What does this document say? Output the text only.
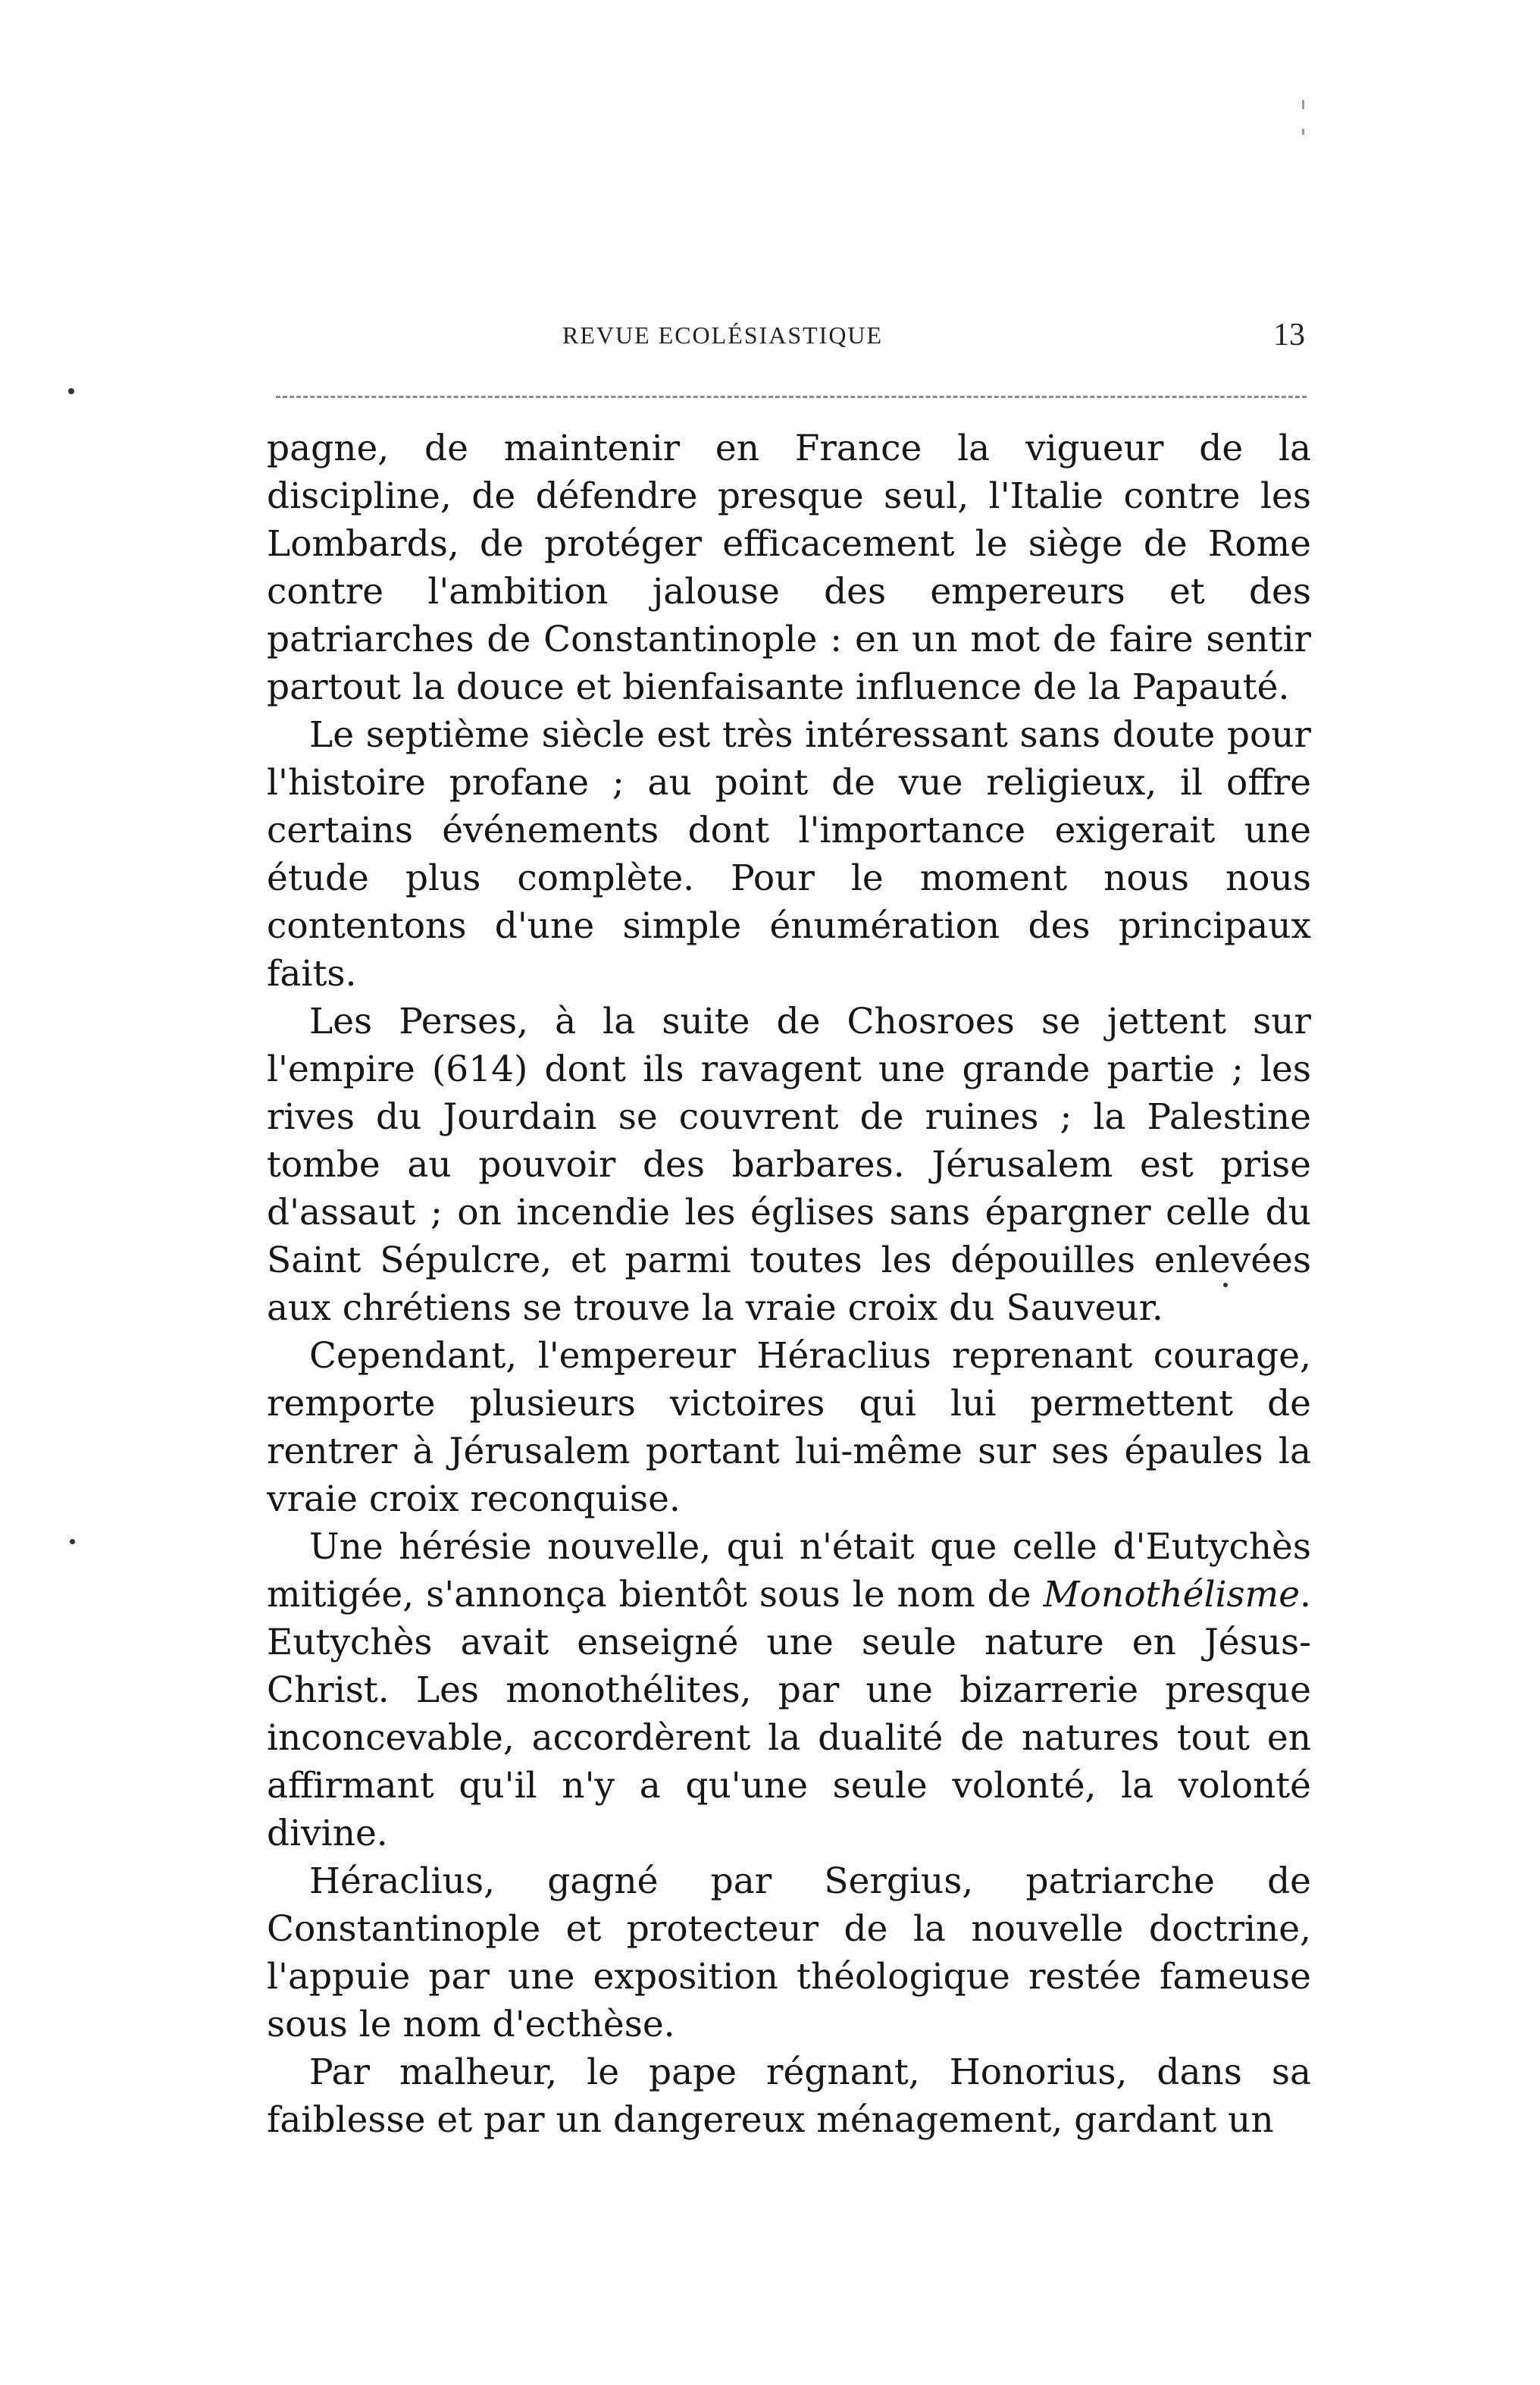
REVUE ECOLÉSIASTIQUE	13

pagne, de maintenir en France la vigueur de la discipline, de défendre presque seul, l'Italie contre les Lombards, de protéger efficacement le siège de Rome contre l'ambition jalouse des empereurs et des patriarches de Constantinople : en un mot de faire sentir partout la douce et bienfaisante influence de la Papauté.

Le septième siècle est très intéressant sans doute pour l'histoire profane ; au point de vue religieux, il offre certains événements dont l'importance exigerait une étude plus complète. Pour le moment nous nous contentons d'une simple énumération des principaux faits.

Les Perses, à la suite de Chosroes se jettent sur l'empire (614) dont ils ravagent une grande partie ; les rives du Jourdain se couvrent de ruines ; la Palestine tombe au pouvoir des barbares. Jérusalem est prise d'assaut ; on incendie les églises sans épargner celle du Saint Sépulcre, et parmi toutes les dépouilles enlevées aux chrétiens se trouve la vraie croix du Sauveur.

Cependant, l'empereur Héraclius reprenant courage, remporte plusieurs victoires qui lui permettent de rentrer à Jérusalem portant lui-même sur ses épaules la vraie croix reconquise.

Une hérésie nouvelle, qui n'était que celle d'Eutychès mitigée, s'annonça bientôt sous le nom de Monothélisme. Eutychès avait enseigné une seule nature en Jésus-Christ. Les monothélites, par une bizarrerie presque inconcevable, accordèrent la dualité de natures tout en affirmant qu'il n'y a qu'une seule volonté, la volonté divine.

Héraclius, gagné par Sergius, patriarche de Constantinople et protecteur de la nouvelle doctrine, l'appuie par une exposition théologique restée fameuse sous le nom d'ecthèse.

Par malheur, le pape régnant, Honorius, dans sa faiblesse et par un dangereux ménagement, gardant un
